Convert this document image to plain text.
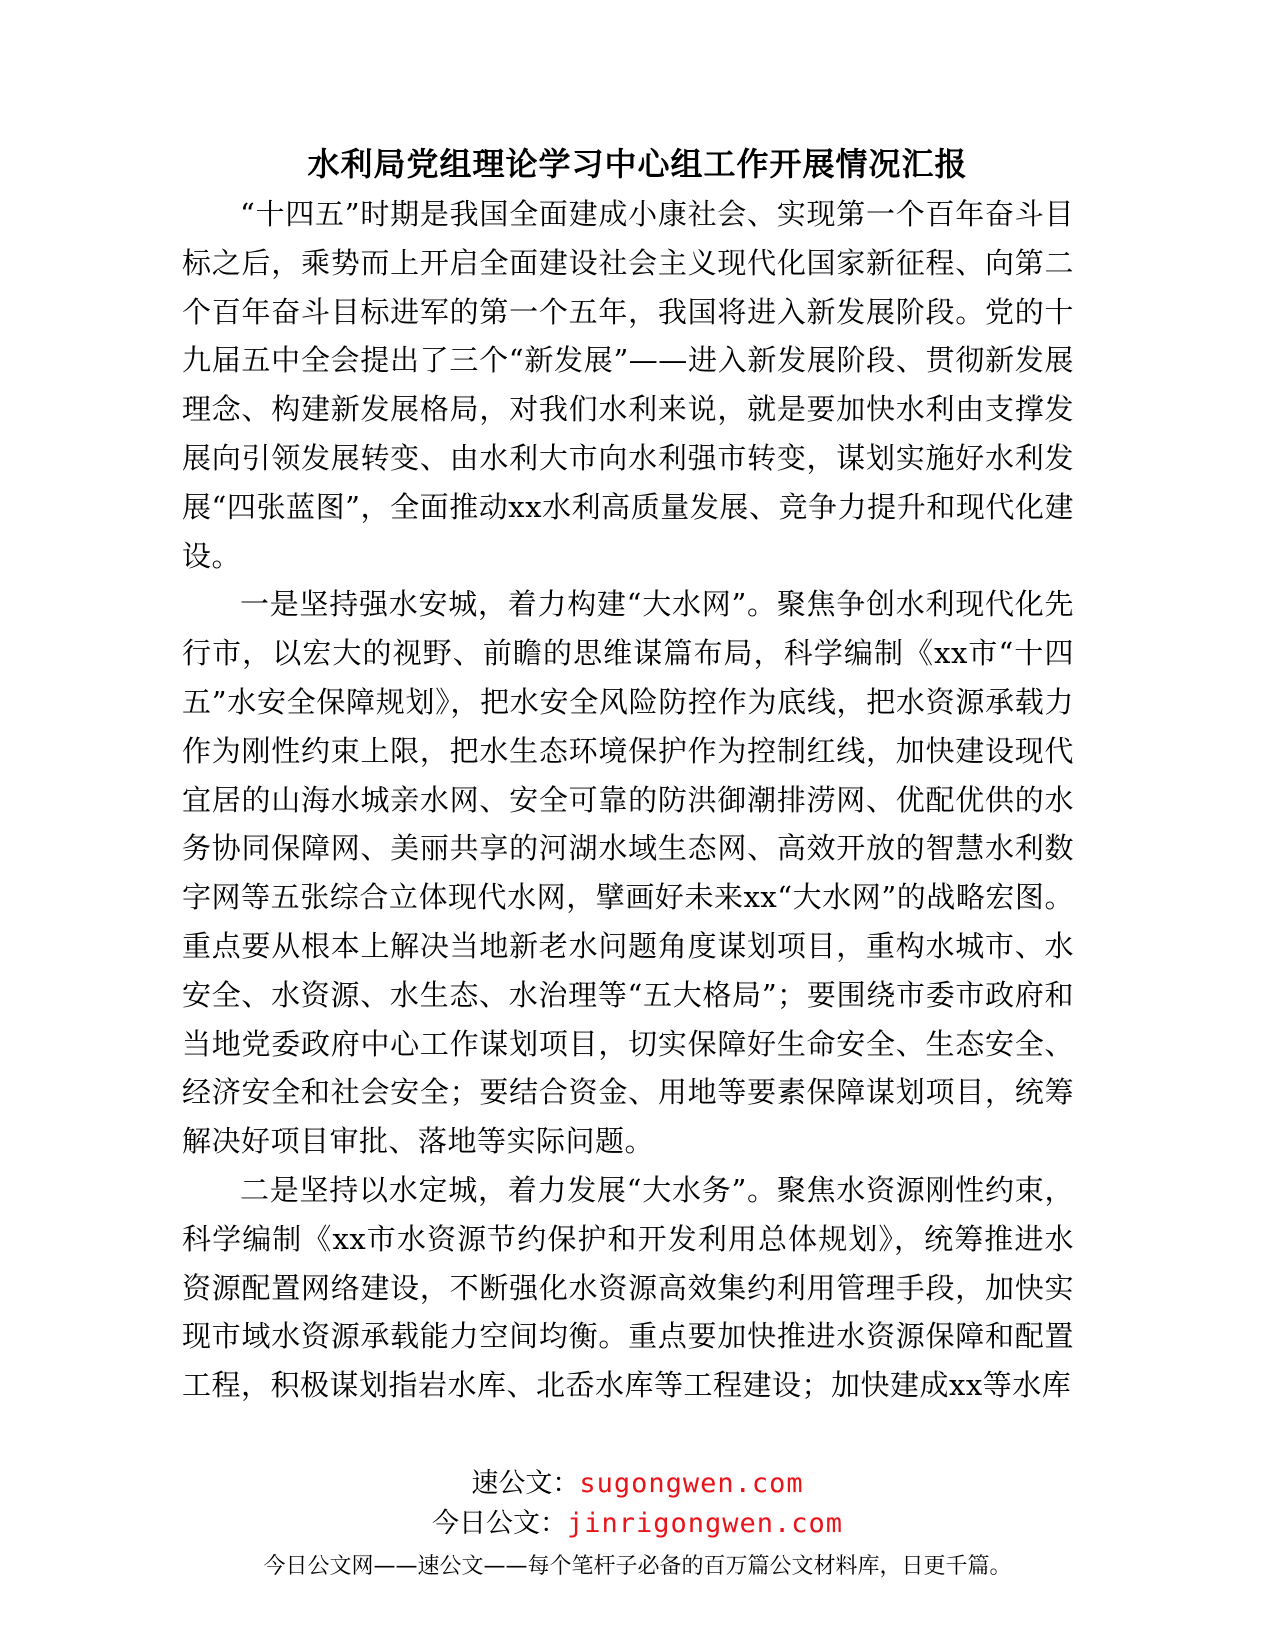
水利局党组理论学习中心组工作开展情况汇报

“十四五”时期是我国全面建成小康社会、实现第一个百年奋斗目标之后，乘势而上开启全面建设社会主义现代化国家新征程、向第二个百年奋斗目标进军的第一个五年，我国将进入新发展阶段。党的十九届五中全会提出了三个“新发展”——进入新发展阶段、贯彻新发展理念、构建新发展格局，对我们水利来说，就是要加快水利由支撑发展向引领发展转变、由水利大市向水利强市转变，谋划实施好水利发展“四张蓝图”，全面推动xx水利高质量发展、竞争力提升和现代化建设。

一是坚持强水安城，着力构建“大水网”。聚焦争创水利现代化先行市，以宏大的视野、前瞻的思维谋篇布局，科学编制《xx市“十四五”水安全保障规划》，把水安全风险防控作为底线，把水资源承载力作为刚性约束上限，把水生态环境保护作为控制红线，加快建设现代宜居的山海水城亲水网、安全可靠的防洪御潮排涝网、优配优供的水务协同保障网、美丽共享的河湖水域生态网、高效开放的智慧水利数字网等五张综合立体现代水网，擘画好未来xx“大水网”的战略宏图。重点要从根本上解决当地新老水问题角度谋划项目，重构水城市、水安全、水资源、水生态、水治理等“五大格局”；要围绕市委市政府和当地党委政府中心工作谋划项目，切实保障好生命安全、生态安全、经济安全和社会安全；要结合资金、用地等要素保障谋划项目，统筹解决好项目审批、落地等实际问题。

二是坚持以水定城，着力发展“大水务”。聚焦水资源刚性约束，科学编制《xx市水资源节约保护和开发利用总体规划》，统筹推进水资源配置网络建设，不断强化水资源高效集约利用管理手段，加快实现市域水资源承载能力空间均衡。重点要加快推进水资源保障和配置工程，积极谋划指岩水库、北岙水库等工程建设；加快建成xx等水库

速公文：sugongwen.com
今日公文：jinrigongwen.com
今日公文网——速公文——每个笔杆子必备的百万篇公文材料库，日更千篇。
